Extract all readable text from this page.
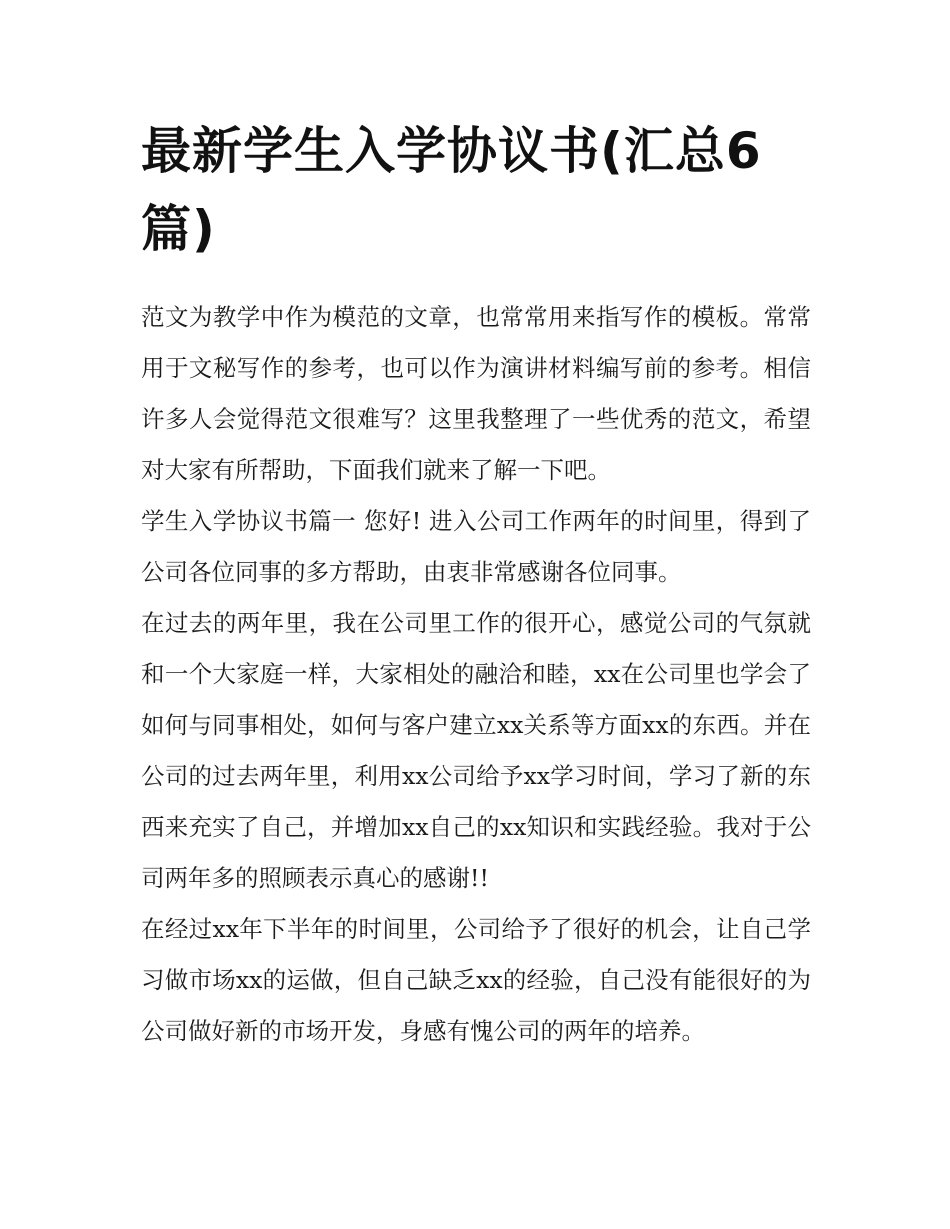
最新学生入学协议书(汇总6篇)

范文为教学中作为模范的文章，也常常用来指写作的模板。常常用于文秘写作的参考，也可以作为演讲材料编写前的参考。相信许多人会觉得范文很难写？这里我整理了一些优秀的范文，希望对大家有所帮助，下面我们就来了解一下吧。

学生入学协议书篇一 您好! 进入公司工作两年的时间里，得到了公司各位同事的多方帮助，由衷非常感谢各位同事。

在过去的两年里，我在公司里工作的很开心，感觉公司的气氛就和一个大家庭一样，大家相处的融洽和睦，xx在公司里也学会了如何与同事相处，如何与客户建立xx关系等方面xx的东西。并在公司的过去两年里，利用xx公司给予xx学习时间，学习了新的东西来充实了自己，并增加xx自己的xx知识和实践经验。我对于公司两年多的照顾表示真心的感谢!!

在经过xx年下半年的时间里，公司给予了很好的机会，让自己学习做市场xx的运做，但自己缺乏xx的经验，自己没有能很好的为公司做好新的市场开发，身感有愧公司的两年的培养。
